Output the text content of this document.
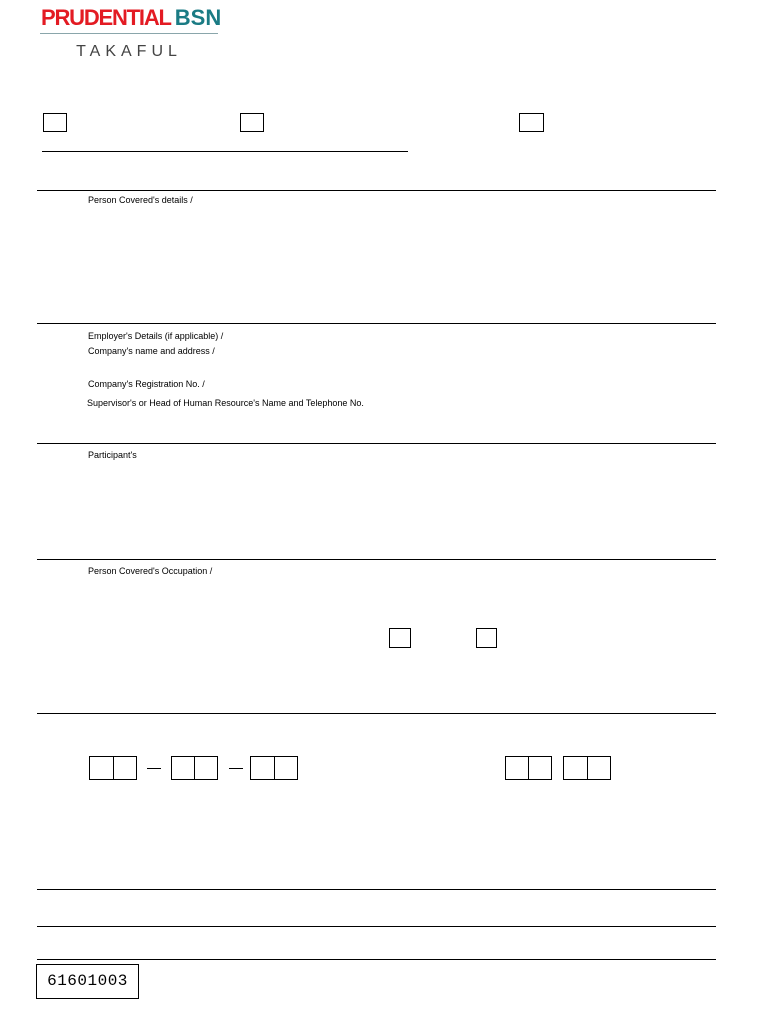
PRUDENTIAL BSN
TAKAFUL
Person Covered's details /
Employer's Details (if applicable) /
Company's name and address /
Company's Registration No. /
Supervisor's or Head of Human Resource's Name and Telephone No.
Participant's
Person Covered's Occupation /
61601003
